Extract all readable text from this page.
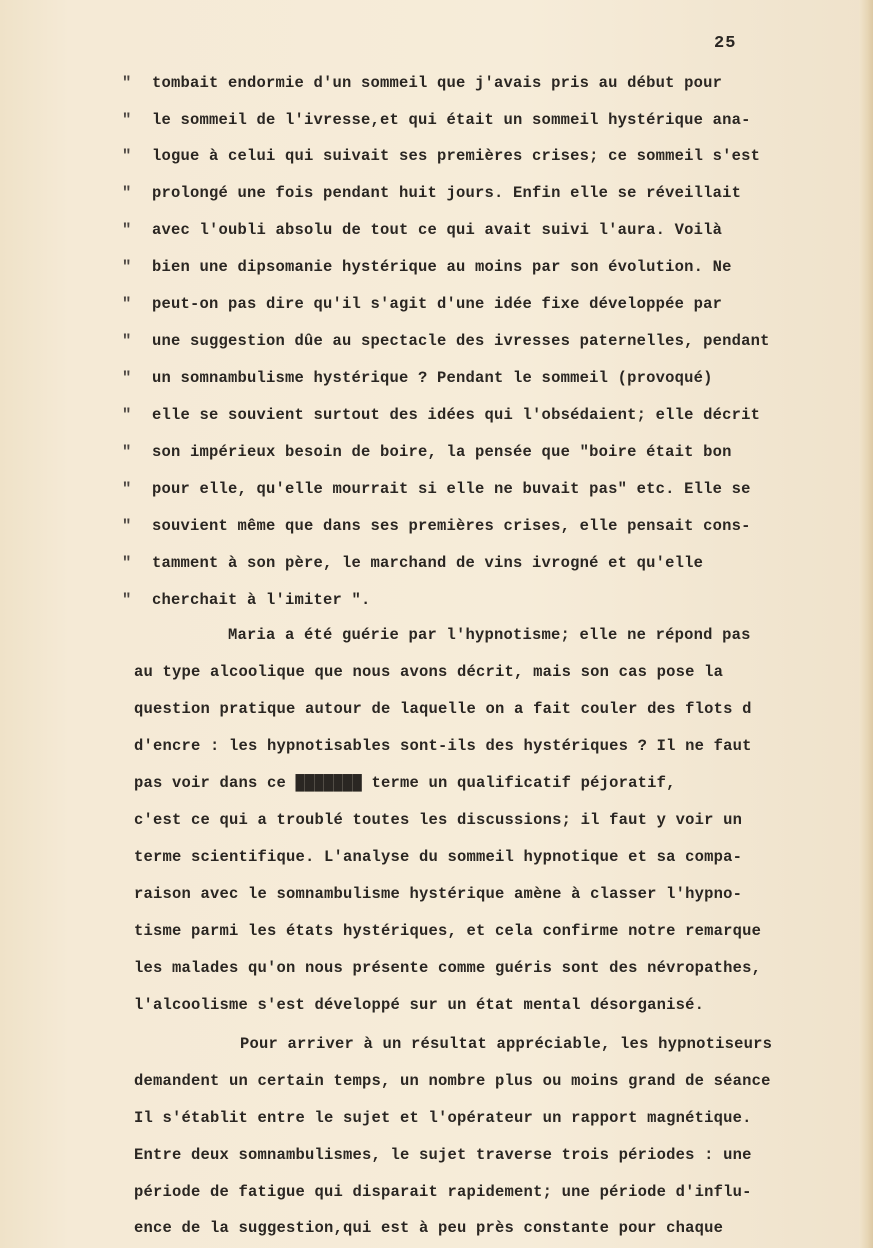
25
" tombait endormie d'un sommeil que j'avais pris au début pour
" le sommeil de l'ivresse,et qui était un sommeil hystérique ana-
" logue à celui qui suivait ses premières crises; ce sommeil s'est
" prolongé une fois pendant huit jours. Enfin elle se réveillait
" avec l'oubli absolu de tout ce qui avait suivi l'aura. Voilà
" bien une dipsomanie hystérique au moins par son évolution. Ne
" peut-on pas dire qu'il s'agit d'une idée fixe développée par
" une suggestion dûe au spectacle des ivresses paternelles, pendant
" un somnambulisme hystérique ? Pendant le sommeil (provoqué)
" elle se souvient surtout des idées qui l'obsédaient; elle décrit
" son impérieux besoin de boire, la pensée que "boire était bon
" pour elle, qu'elle mourrait si elle ne buvait pas" etc. Elle se
" souvient même que dans ses premières crises, elle pensait cons-
" tamment à son père, le marchand de vins ivrogné et qu'elle
" cherchait à l'imiter ".
Maria a été guérie par l'hypnotisme; elle ne répond pas
au type alcoolique que nous avons décrit, mais son cas pose la
question pratique autour de laquelle on a fait couler des flots d
d'encre : les hypnotisables sont-ils des hystériques ? Il ne faut
pas voir dans ce ███████ terme un qualificatif péjoratif,
c'est ce qui a troublé toutes les discussions; il faut y voir un
terme scientifique. L'analyse du sommeil hypnotique et sa compa-
raison avec le somnambulisme hystérique amène à classer l'hypno-
tisme parmi les états hystériques, et cela confirme notre remarque
les malades qu'on nous présente comme guéris sont des névropathes,
l'alcoolisme s'est développé sur un état mental désorganisé.
Pour arriver à un résultat appréciable, les hypnotiseurs
demandent un certain temps, un nombre plus ou moins grand de séance
Il s'établit entre le sujet et l'opérateur un rapport magnétique.
Entre deux somnambulismes, le sujet traverse trois périodes : une
période de fatigue qui disparait rapidement; une période d'influ-
ence de la suggestion,qui est à peu près constante pour chaque
